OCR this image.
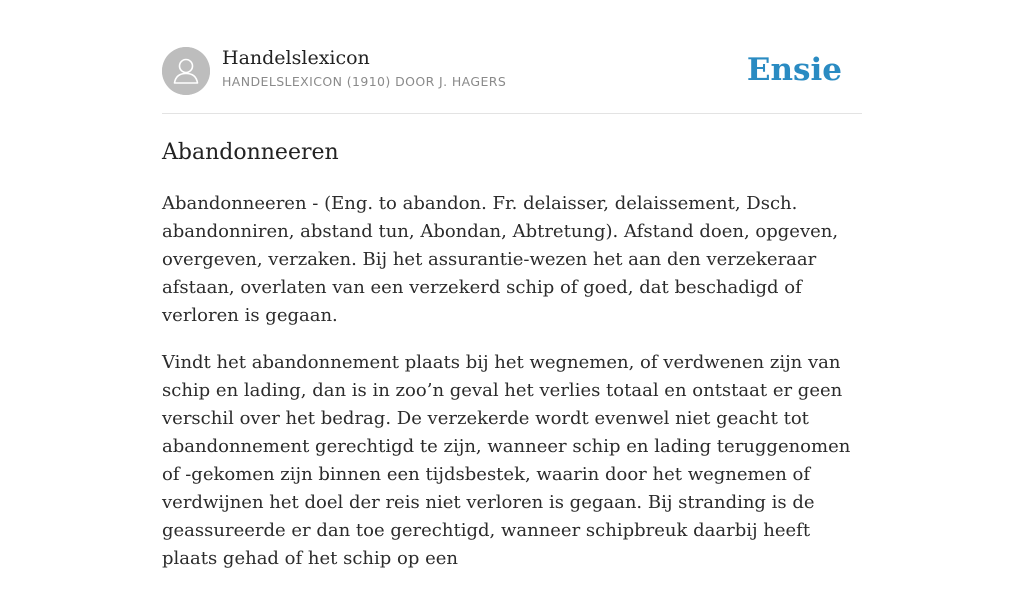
Handelslexicon
HANDELSLEXICON (1910) DOOR J. HAGERS	Ensie
Abandonneeren

Abandonneeren - (Eng. to abandon. Fr. delaisser, delaissement, Dsch. abandonniren, abstand tun, Abondan, Abtretung). Afstand doen, opgeven, overgeven, verzaken. Bij het assurantie-wezen het aan den verzekeraar afstaan, overlaten van een verzekerd schip of goed, dat beschadigd of verloren is gegaan.

Vindt het abandonnement plaats bij het wegnemen, of verdwenen zijn van schip en lading, dan is in zoo’n geval het verlies totaal en ontstaat er geen verschil over het bedrag. De verzekerde wordt evenwel niet geacht tot abandonnement gerechtigd te zijn, wanneer schip en lading teruggenomen of -gekomen zijn binnen een tijdsbestek, waarin door het wegnemen of verdwijnen het doel der reis niet verloren is gegaan. Bij stranding is de geassureerde er dan toe gerechtigd, wanneer schipbreuk daarbij heeft plaats gehad of het schip op een
